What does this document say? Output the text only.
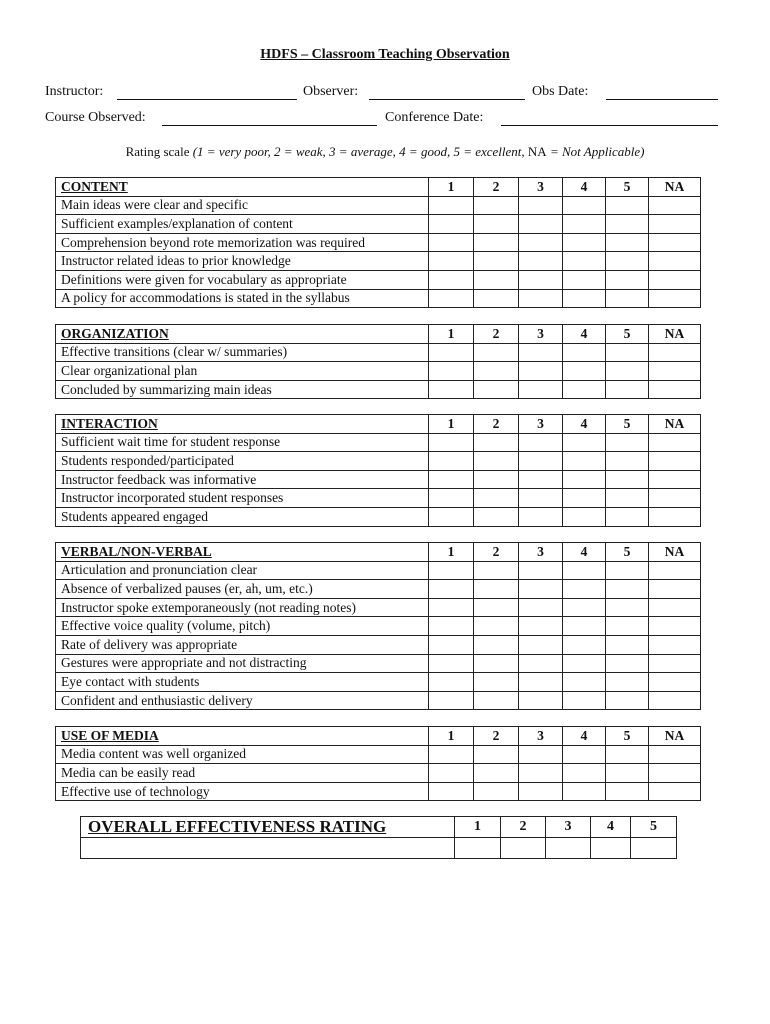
HDFS – Classroom Teaching Observation
Instructor:	Observer:	Obs Date:
Course Observed:	Conference Date:
Rating scale (1 = very poor, 2 = weak, 3 = average, 4 = good, 5 = excellent, NA = Not Applicable)
CONTENT	1	2	3	4	5	NA
Main ideas were clear and specific						
Sufficient examples/explanation of content						
Comprehension beyond rote memorization was required						
Instructor related ideas to prior knowledge						
Definitions were given for vocabulary as appropriate						
A policy for accommodations is stated in the syllabus						
ORGANIZATION	1	2	3	4	5	NA
Effective transitions (clear w/ summaries)						
Clear organizational plan						
Concluded by summarizing main ideas						
INTERACTION	1	2	3	4	5	NA
Sufficient wait time for student response						
Students responded/participated						
Instructor feedback was informative						
Instructor incorporated student responses						
Students appeared engaged						
VERBAL/NON-VERBAL	1	2	3	4	5	NA
Articulation and pronunciation clear						
Absence of verbalized pauses (er, ah, um, etc.)						
Instructor spoke extemporaneously (not reading notes)						
Effective voice quality (volume, pitch)						
Rate of delivery was appropriate						
Gestures were appropriate and not distracting						
Eye contact with students						
Confident and enthusiastic delivery						
USE OF MEDIA	1	2	3	4	5	NA
Media content was well organized						
Media can be easily read						
Effective use of technology						
OVERALL EFFECTIVENESS RATING	1	2	3	4	5
